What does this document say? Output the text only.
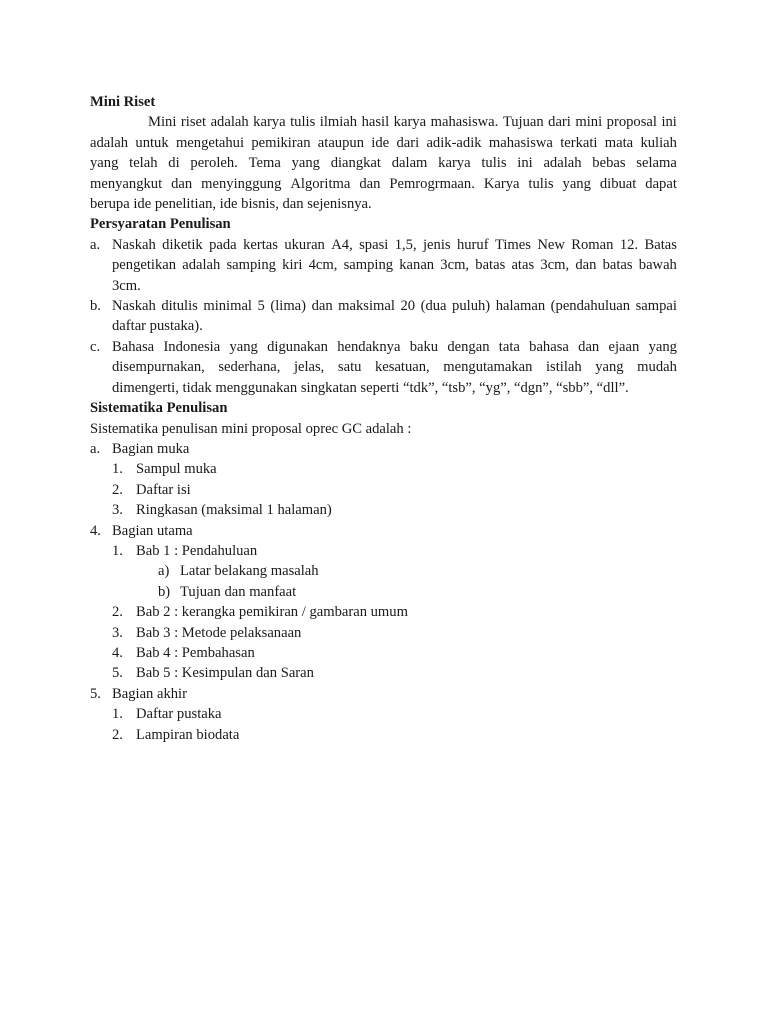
Mini Riset
Mini riset adalah karya tulis ilmiah hasil karya mahasiswa. Tujuan dari mini proposal ini
adalah untuk mengetahui pemikiran ataupun ide dari adik-adik mahasiswa terkati mata kuliah
yang telah di peroleh. Tema yang diangkat dalam karya tulis ini adalah bebas selama
menyangkut dan menyinggung Algoritma dan Pemrogrmaan. Karya tulis yang dibuat dapat
berupa ide penelitian, ide bisnis, dan sejenisnya.
Persyaratan Penulisan
a. Naskah diketik pada kertas ukuran A4, spasi 1,5, jenis huruf Times New Roman 12. Batas
pengetikan adalah samping kiri 4cm, samping kanan 3cm, batas atas 3cm, dan batas bawah
3cm.
b. Naskah ditulis minimal 5 (lima) dan maksimal 20 (dua puluh) halaman (pendahuluan sampai
daftar pustaka).
c. Bahasa Indonesia yang digunakan hendaknya baku dengan tata bahasa dan ejaan yang
disempurnakan, sederhana, jelas, satu kesatuan, mengutamakan istilah yang mudah
dimengerti, tidak menggunakan singkatan seperti “tdk”, “tsb”, “yg”, “dgn”, “sbb”, “dll”.
Sistematika Penulisan
Sistematika penulisan mini proposal oprec GC adalah :
a. Bagian muka
1. Sampul muka
2. Daftar isi
3. Ringkasan (maksimal 1 halaman)
4. Bagian utama
1. Bab 1 : Pendahuluan
a) Latar belakang masalah
b) Tujuan dan manfaat
2. Bab 2 : kerangka pemikiran / gambaran umum
3. Bab 3 : Metode pelaksanaan
4. Bab 4 : Pembahasan
5. Bab 5 : Kesimpulan dan Saran
5. Bagian akhir
1. Daftar pustaka
2. Lampiran biodata
